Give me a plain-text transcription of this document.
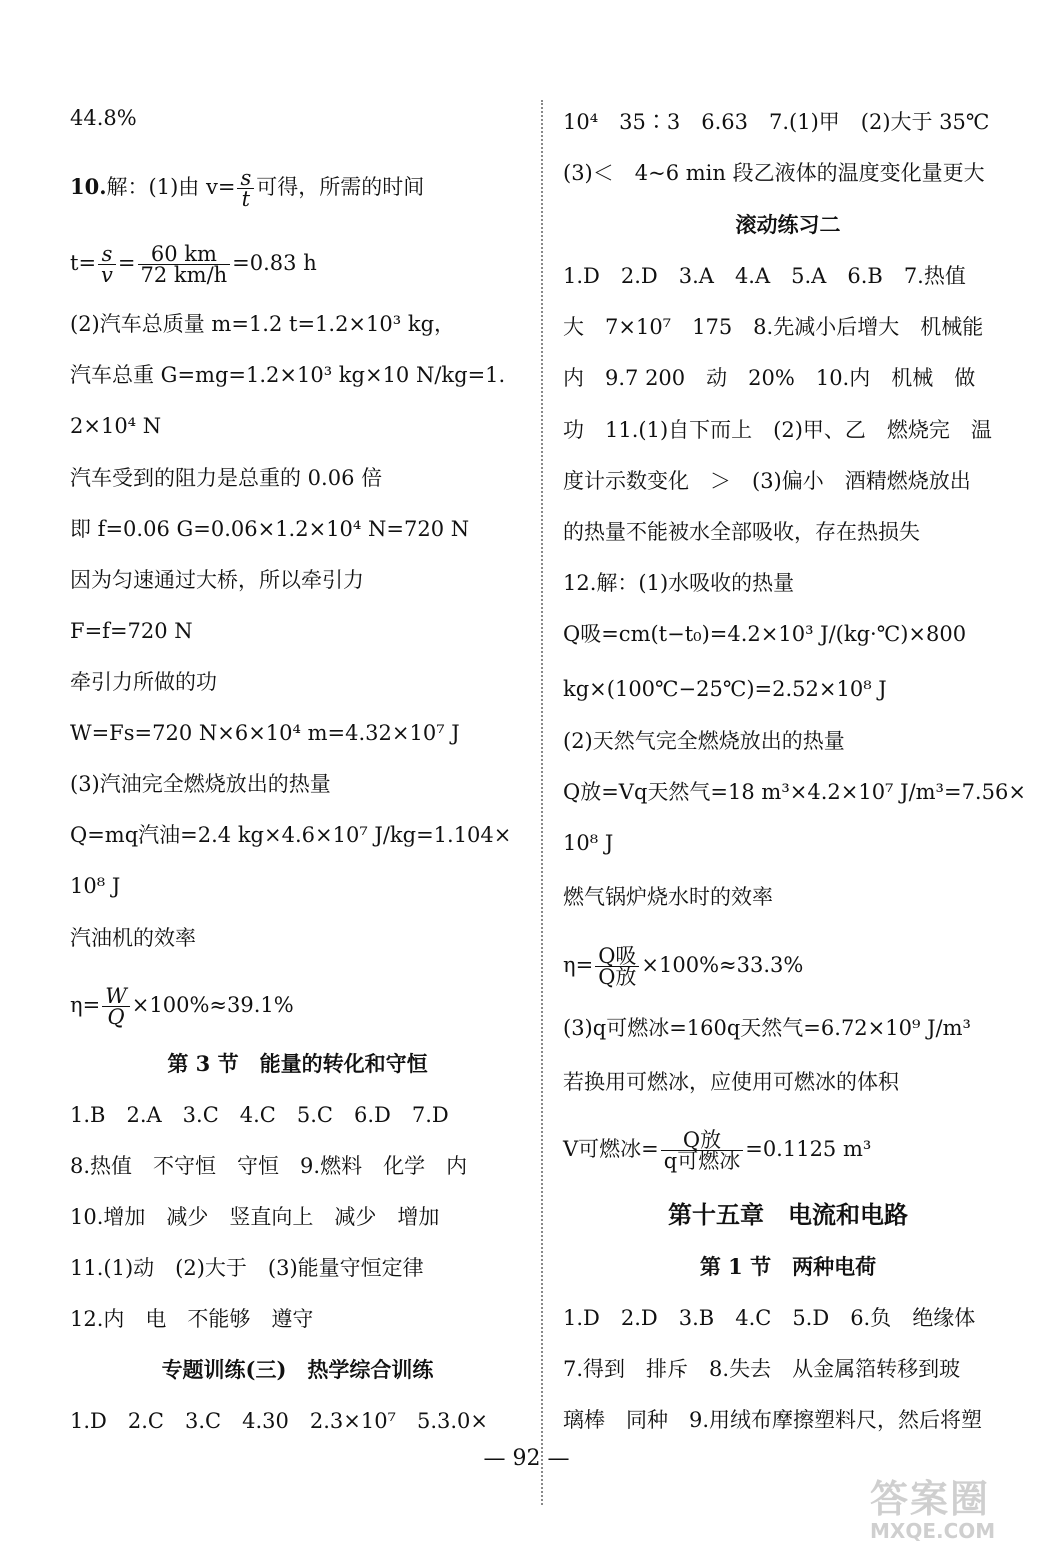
44.8%
10.解：(1)由 $v= \frac{s}{t}$ 可得，所需的时间
$t= \frac{s}{v} = \frac{60 km}{72 km/h} =0.83$ h
(2)汽车总质量 m=1.2 t=1.2×10³ kg，
汽车总重 G=mg=1.2×10³ kg×10 N/kg=1.
2×10⁴ N
汽车受到的阻力是总重的 0.06 倍
即 f=0.06 G=0.06×1.2×10⁴ N=720 N
因为匀速通过大桥，所以牵引力
F=f=720 N
牵引力所做的功
W=Fs=720 N×6×10⁴ m=4.32×10⁷ J
(3)汽油完全燃烧放出的热量
Q=mq汽油=2.4 kg×4.6×10⁷ J/kg=1.104×
10⁸ J
汽油机的效率
$\eta= \frac{W}{Q} \times 100\%\approx 39.1\%$
第 3 节　能量的转化和守恒
1.B　2.A　3.C　4.C　5.C　6.D　7.D
8.热值　不守恒　守恒　9.燃料　化学　内
10.增加　减少　竖直向上　减少　增加
11.(1)动　(2)大于　(3)能量守恒定律
12.内　电　不能够　遵守
专题训练(三)　热学综合训练
1.D　2.C　3.C　4.30　2.3×10⁷　5.3.0×
10⁴　35∶3　6.63　7.(1)甲　(2)大于 35℃
(3)＜　4~6 min 段乙液体的温度变化量更大
滚动练习二
1.D　2.D　3.A　4.A　5.A　6.B　7.热值
大　7×10⁷　175　8.先减小后增大　机械能
内　9.7 200　动　20%　10.内　机械　做
功　11.(1)自下而上　(2)甲、乙　燃烧完　温
度计示数变化　＞　(3)偏小　酒精燃烧放出
的热量不能被水全部吸收，存在热损失
12.解：(1)水吸收的热量
Q吸=cm(t−t₀)=4.2×10³ J/(kg·℃)×800
kg×(100℃−25℃)=2.52×10⁸ J
(2)天然气完全燃烧放出的热量
Q放=Vq天然气=18 m³×4.2×10⁷ J/m³=7.56×
10⁸ J
燃气锅炉烧水时的效率
$\eta= \frac{\text{Q吸}}{\text{Q放}} \times 100\%\approx 33.3\%$
(3)q可燃冰=160q天然气=6.72×10⁹ J/m³
若换用可燃冰，应使用可燃冰的体积
V可燃冰= $\frac{\text{Q放}}{\text{q可燃冰}} =0.1125$ m³
第十五章　电流和电路
第 1 节　两种电荷
1.D　2.D　3.B　4.C　5.D　6.负　绝缘体
7.得到　排斥　8.失去　从金属箔转移到玻
璃棒　同种　9.用绒布摩擦塑料尺，然后将塑
— 92 —
答案圈
MXQE.COM
